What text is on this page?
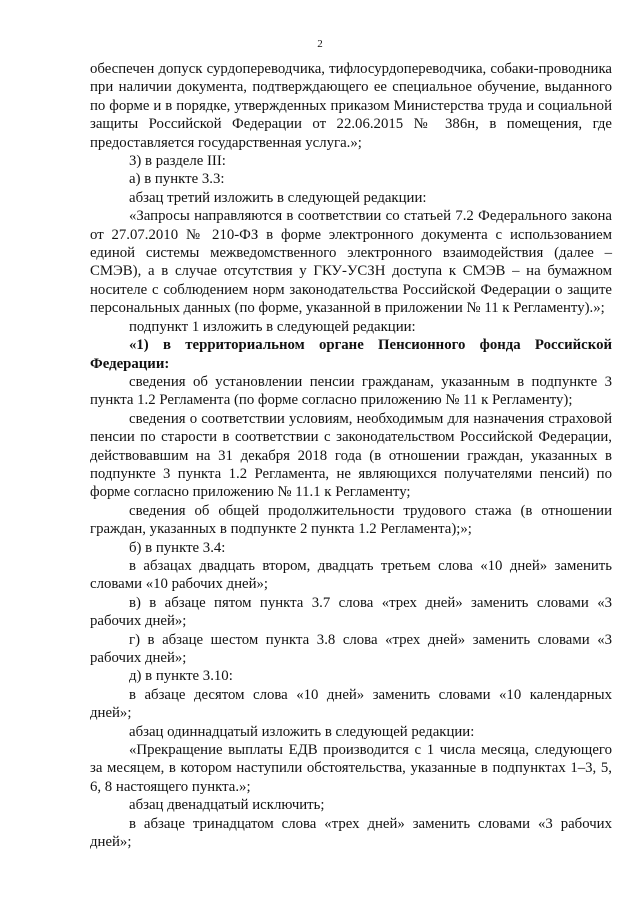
2

обеспечен допуск сурдопереводчика, тифлосурдопереводчика, собаки-проводника при наличии документа, подтверждающего ее специальное обучение, выданного по форме и в порядке, утвержденных приказом Министерства труда и социальной защиты Российской Федерации от 22.06.2015 № 386н, в помещения, где предоставляется государственная услуга.»;

3) в разделе III:

а) в пункте 3.3:

абзац третий изложить в следующей редакции:

«Запросы направляются в соответствии со статьей 7.2 Федерального закона от 27.07.2010 № 210-ФЗ в форме электронного документа с использованием единой системы межведомственного электронного взаимодействия (далее – СМЭВ), а в случае отсутствия у ГКУ-УСЗН доступа к СМЭВ – на бумажном носителе с соблюдением норм законодательства Российской Федерации о защите персональных данных (по форме, указанной в приложении № 11 к Регламенту).»;

подпункт 1 изложить в следующей редакции:

«1) в территориальном органе Пенсионного фонда Российской Федерации:

сведения об установлении пенсии гражданам, указанным в подпункте 3 пункта 1.2 Регламента (по форме согласно приложению № 11 к Регламенту);

сведения о соответствии условиям, необходимым для назначения страховой пенсии по старости в соответствии с законодательством Российской Федерации, действовавшим на 31 декабря 2018 года (в отношении граждан, указанных в подпункте 3 пункта 1.2 Регламента, не являющихся получателями пенсий) по форме согласно приложению № 11.1 к Регламенту;

сведения об общей продолжительности трудового стажа (в отношении граждан, указанных в подпункте 2 пункта 1.2 Регламента);»;

б) в пункте 3.4:

в абзацах двадцать втором, двадцать третьем слова «10 дней» заменить словами «10 рабочих дней»;

в) в абзаце пятом пункта 3.7 слова «трех дней» заменить словами «3 рабочих дней»;

г) в абзаце шестом пункта 3.8 слова «трех дней» заменить словами «3 рабочих дней»;

д) в пункте 3.10:

в абзаце десятом слова «10 дней» заменить словами «10 календарных дней»;

абзац одиннадцатый изложить в следующей редакции:

«Прекращение выплаты ЕДВ производится с 1 числа месяца, следующего за месяцем, в котором наступили обстоятельства, указанные в подпунктах 1–3, 5, 6, 8 настоящего пункта.»;

абзац двенадцатый исключить;

в абзаце тринадцатом слова «трех дней» заменить словами «3 рабочих дней»;
